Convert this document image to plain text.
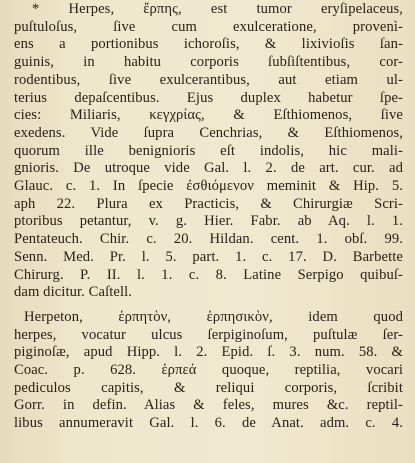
* Herpes, ἕρπης, est tumor eryſipelaceus,
puſtuloſus, ſive cum exulceratione, provenì-
ens a portionibus ichoroſis, & lixivioſis ſan-
guinis, in habitu corporis ſubſiſtentibus, cor-
rodentibus, ſive exulcerantibus, aut etiam ul-
terius depaſcentibus. Ejus duplex habetur ſpe-
cies: Miliaris, κεγχρίας, & Eſthiomenos, ſive
exedens. Vide ſupra Cenchrias, & Eſthiomenos,
quorum ille benignioris eſt indolis, hic mali-
gnioris. De utroque vide Gal. l. 2. de art. cur. ad
Glauc. c. 1. In ſpecie ἐσθιόμενον meminit & Hip. 5.
aph 22. Plura ex Practicis, & Chirurgiæ Scri-
ptoribus petantur, v. g. Hier. Fabr. ab Aq. l. 1.
Pentateuch. Chir. c. 20. Hildan. cent. 1. obſ. 99.
Senn. Med. Pr. l. 5. part. 1. c. 17. D. Barbette
Chirurg. P. II. l. 1. c. 8. Latine Serpigo quibuſ-
dam dicitur. Caſtell.
Herpeton, ἑρπητὸν, ἑρπησικὸν, idem quod
herpes, vocatur ulcus ſerpiginoſum, puſtulæ ſer-
piginoſæ, apud Hipp. l. 2. Epid. ſ. 3. num. 58. &
Coac. p. 628. ἑρπεά quoque, reptilia, vocari
pediculos capitis, & reliqui corporis, ſcribit
Gorr. in defin. Alias & feles, mures &c. reptil-
libus annumeravit Gal. l. 6. de Anat. adm. c. 4.
